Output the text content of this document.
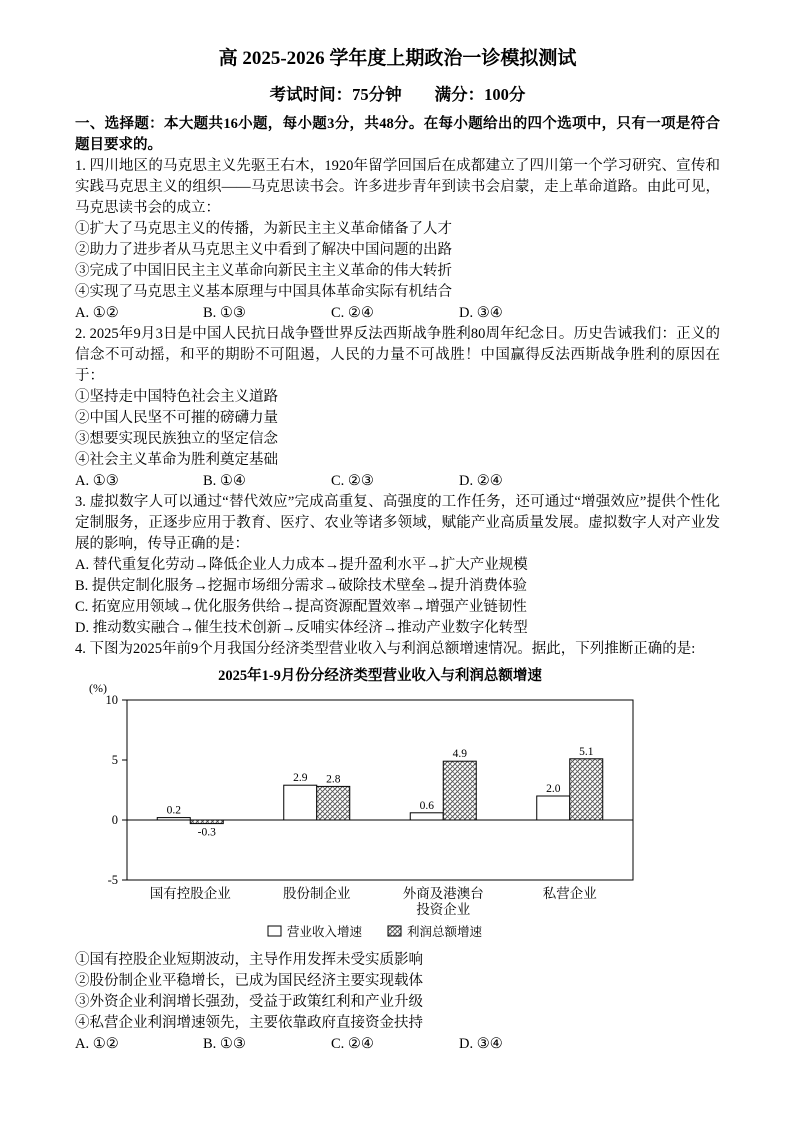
高 2025-2026 学年度上期政治一诊模拟测试
考试时间：75分钟　　满分：100分
一、选择题：本大题共16小题，每小题3分，共48分。在每小题给出的四个选项中，只有一项是符合题目要求的。
1. 四川地区的马克思主义先驱王右木，1920年留学回国后在成都建立了四川第一个学习研究、宣传和实践马克思主义的组织——马克思读书会。许多进步青年到读书会启蒙，走上革命道路。由此可见，马克思读书会的成立：
①扩大了马克思主义的传播，为新民主主义革命储备了人才
②助力了进步者从马克思主义中看到了解决中国问题的出路
③完成了中国旧民主主义革命向新民主主义革命的伟大转折
④实现了马克思主义基本原理与中国具体革命实际有机结合
A. ①②	B. ①③	C. ②④	D. ③④
2. 2025年9月3日是中国人民抗日战争暨世界反法西斯战争胜利80周年纪念日。历史告诫我们：正义的信念不可动摇，和平的期盼不可阻遏，人民的力量不可战胜！中国赢得反法西斯战争胜利的原因在于：
①坚持走中国特色社会主义道路
②中国人民坚不可摧的磅礴力量
③想要实现民族独立的坚定信念
④社会主义革命为胜利奠定基础
A. ①③	B. ①④	C. ②③	D. ②④
3. 虚拟数字人可以通过“替代效应”完成高重复、高强度的工作任务，还可通过“增强效应”提供个性化定制服务，正逐步应用于教育、医疗、农业等诸多领域，赋能产业高质量发展。虚拟数字人对产业发展的影响，传导正确的是：
A. 替代重复化劳动→降低企业人力成本→提升盈利水平→扩大产业规模
B. 提供定制化服务→挖掘市场细分需求→破除技术壁垒→提升消费体验
C. 拓宽应用领域→优化服务供给→提高资源配置效率→增强产业链韧性
D. 推动数实融合→催生技术创新→反哺实体经济→推动产业数字化转型
4. 下图为2025年前9个月我国分经济类型营业收入与利润总额增速情况。据此，下列推断正确的是:
2025年1-9月份分经济类型营业收入与利润总额增速
(%)
10
5
0
-5
0.2
-0.3
国有控股企业
2.9 2.8
股份制企业
0.6
4.9
外商及港澳台
投资企业
2.0
5.1
私营企业
营业收入增速	利润总额增速
①国有控股企业短期波动，主导作用发挥未受实质影响
②股份制企业平稳增长，已成为国民经济主要实现载体
③外资企业利润增长强劲，受益于政策红利和产业升级
④私营企业利润增速领先，主要依靠政府直接资金扶持
A. ①②	B. ①③	C. ②④	D. ③④
